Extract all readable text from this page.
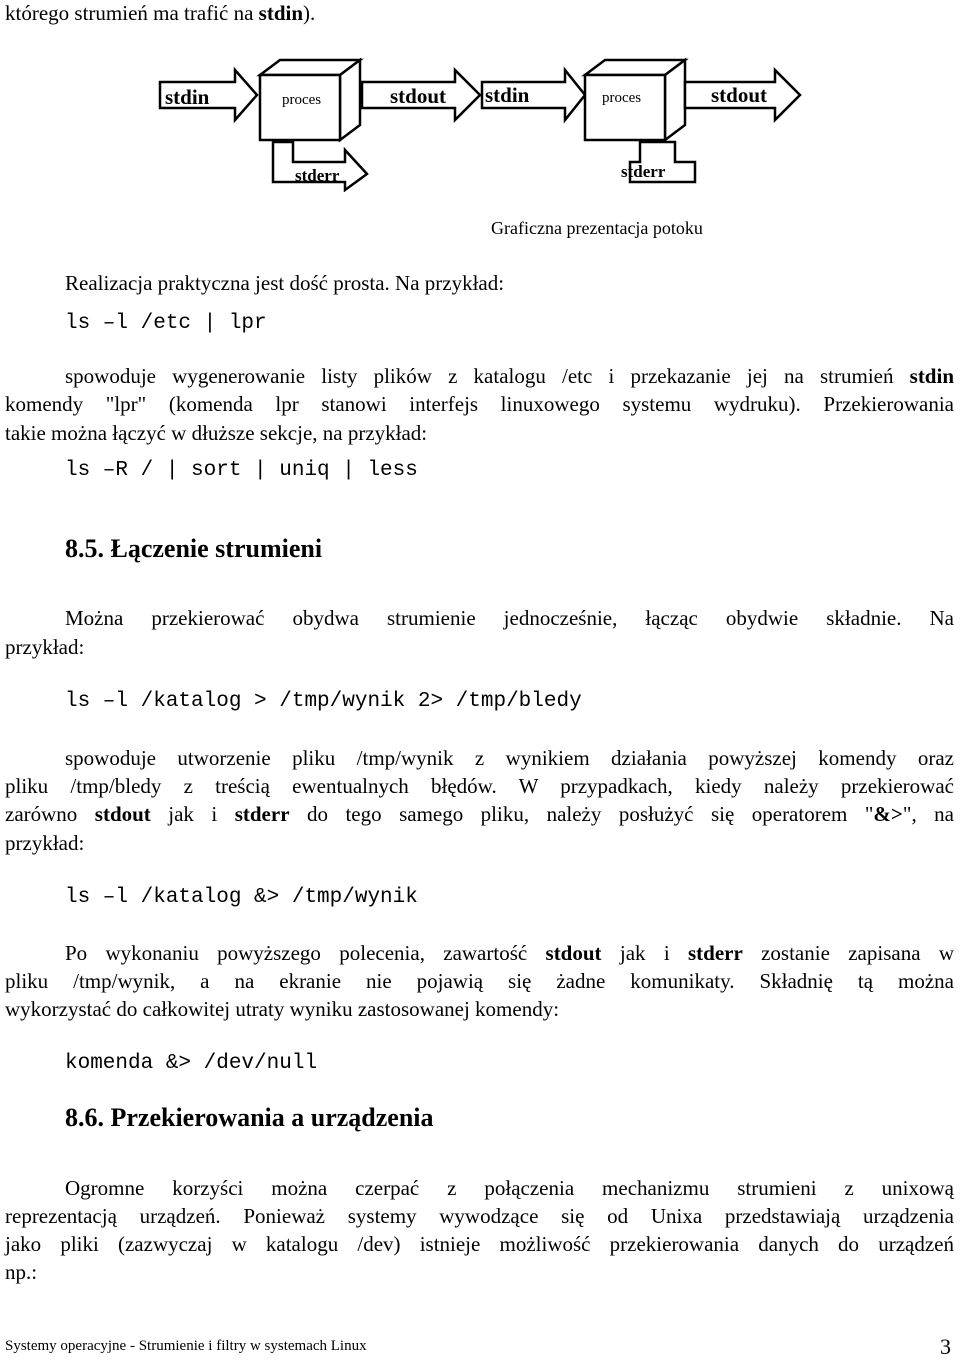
którego strumień ma trafić na stdin).
stdin	proces	stdout
stderr
stdin	proces	stdout
stderr
Graficzna prezentacja potoku
Realizacja praktyczna jest dość prosta. Na przykład:
ls –l /etc | lpr
spowoduje wygenerowanie listy plików z katalogu /etc i przekazanie jej na strumień stdin
komendy "lpr" (komenda lpr stanowi interfejs linuxowego systemu wydruku). Przekierowania
takie można łączyć w dłuższe sekcje, na przykład:
ls –R / | sort | uniq | less
8.5. Łączenie strumieni
Można przekierować obydwa strumienie jednocześnie, łącząc obydwie składnie. Na
przykład:
ls –l /katalog > /tmp/wynik 2> /tmp/bledy
spowoduje utworzenie pliku /tmp/wynik z wynikiem działania powyższej komendy oraz
pliku /tmp/bledy z treścią ewentualnych błędów. W przypadkach, kiedy należy przekierować
zarówno stdout jak i stderr do tego samego pliku, należy posłużyć się operatorem "&>", na
przykład:
ls –l /katalog &> /tmp/wynik
Po wykonaniu powyższego polecenia, zawartość stdout jak i stderr zostanie zapisana w
pliku /tmp/wynik, a na ekranie nie pojawią się żadne komunikaty. Składnię tą można
wykorzystać do całkowitej utraty wyniku zastosowanej komendy:
komenda &> /dev/null
8.6. Przekierowania a urządzenia
Ogromne korzyści można czerpać z połączenia mechanizmu strumieni z unixową
reprezentacją urządzeń. Ponieważ systemy wywodzące się od Unixa przedstawiają urządzenia
jako pliki (zazwyczaj w katalogu /dev) istnieje możliwość przekierowania danych do urządzeń
np.:
Systemy operacyjne - Strumienie i filtry w systemach Linux	3
